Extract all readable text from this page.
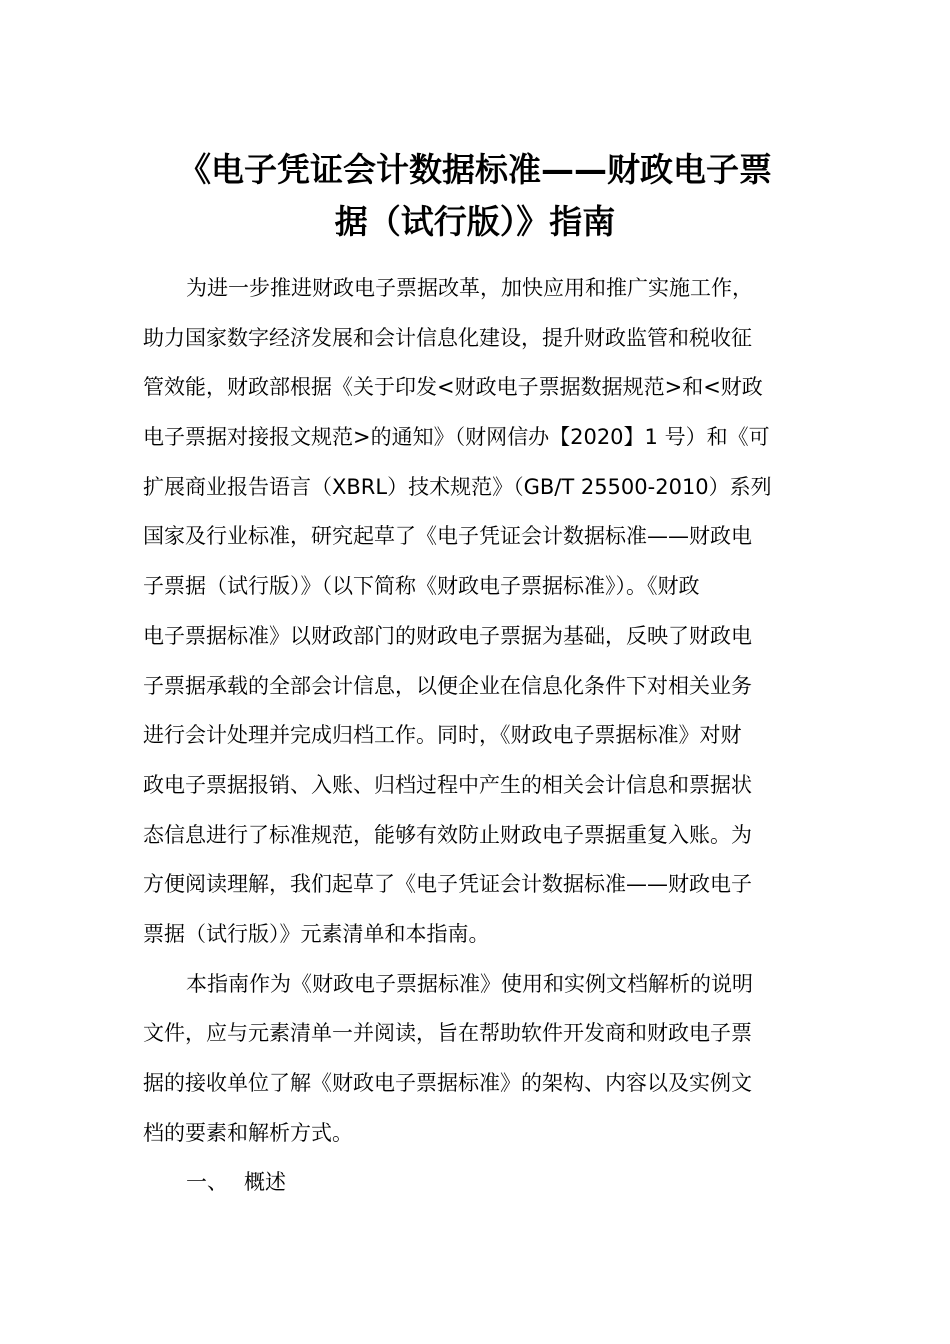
《电子凭证会计数据标准——财政电子票
据（试行版）》指南
为进一步推进财政电子票据改革，加快应用和推广实施工作，
助力国家数字经济发展和会计信息化建设，提升财政监管和税收征
管效能，财政部根据《关于印发<财政电子票据数据规范>和<财政
电子票据对接报文规范>的通知》（财网信办【2020】1 号）和《可
扩展商业报告语言（XBRL）技术规范》（GB/T 25500-2010）系列
国家及行业标准，研究起草了《电子凭证会计数据标准——财政电
子票据（试行版）》（以下简称《财政电子票据标准》）。《财政
电子票据标准》以财政部门的财政电子票据为基础，反映了财政电
子票据承载的全部会计信息，以便企业在信息化条件下对相关业务
进行会计处理并完成归档工作。同时，《财政电子票据标准》对财
政电子票据报销、入账、归档过程中产生的相关会计信息和票据状
态信息进行了标准规范，能够有效防止财政电子票据重复入账。为
方便阅读理解，我们起草了《电子凭证会计数据标准——财政电子
票据（试行版）》元素清单和本指南。
本指南作为《财政电子票据标准》使用和实例文档解析的说明
文件，应与元素清单一并阅读，旨在帮助软件开发商和财政电子票
据的接收单位了解《财政电子票据标准》的架构、内容以及实例文
档的要素和解析方式。
一、 概述
